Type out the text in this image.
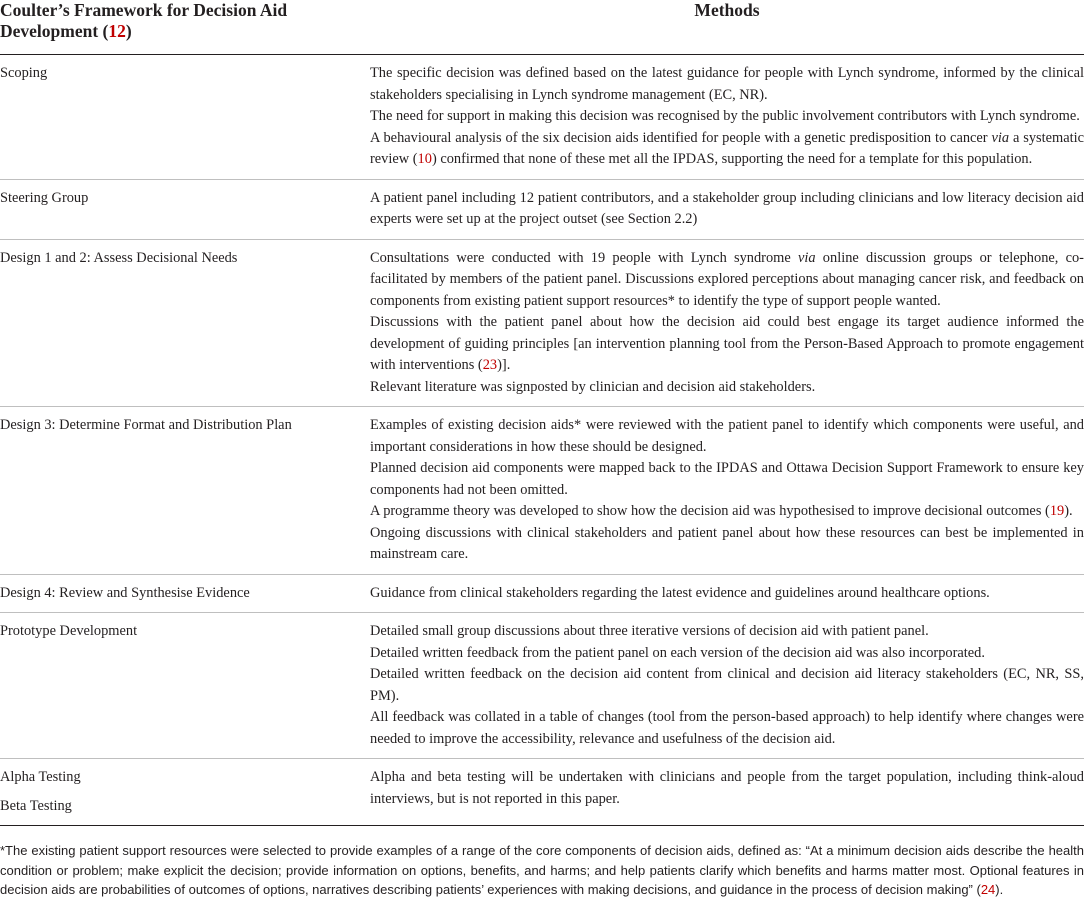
Coulter’s Framework for Decision Aid Development (12)	Methods

Scoping	The specific decision was defined based on the latest guidance for people with Lynch syndrome, informed by the clinical stakeholders specialising in Lynch syndrome management (EC, NR).
The need for support in making this decision was recognised by the public involvement contributors with Lynch syndrome.
A behavioural analysis of the six decision aids identified for people with a genetic predisposition to cancer via a systematic review (10) confirmed that none of these met all the IPDAS, supporting the need for a template for this population.

Steering Group	A patient panel including 12 patient contributors, and a stakeholder group including clinicians and low literacy decision aid experts were set up at the project outset (see Section 2.2)

Design 1 and 2: Assess Decisional Needs	Consultations were conducted with 19 people with Lynch syndrome via online discussion groups or telephone, co-facilitated by members of the patient panel. Discussions explored perceptions about managing cancer risk, and feedback on components from existing patient support resources* to identify the type of support people wanted.
Discussions with the patient panel about how the decision aid could best engage its target audience informed the development of guiding principles [an intervention planning tool from the Person-Based Approach to promote engagement with interventions (23)].
Relevant literature was signposted by clinician and decision aid stakeholders.

Design 3: Determine Format and Distribution Plan	Examples of existing decision aids* were reviewed with the patient panel to identify which components were useful, and important considerations in how these should be designed.
Planned decision aid components were mapped back to the IPDAS and Ottawa Decision Support Framework to ensure key components had not been omitted.
A programme theory was developed to show how the decision aid was hypothesised to improve decisional outcomes (19).
Ongoing discussions with clinical stakeholders and patient panel about how these resources can best be implemented in mainstream care.

Design 4: Review and Synthesise Evidence	Guidance from clinical stakeholders regarding the latest evidence and guidelines around healthcare options.

Prototype Development	Detailed small group discussions about three iterative versions of decision aid with patient panel.
Detailed written feedback from the patient panel on each version of the decision aid was also incorporated.
Detailed written feedback on the decision aid content from clinical and decision aid literacy stakeholders (EC, NR, SS, PM).
All feedback was collated in a table of changes (tool from the person-based approach) to help identify where changes were needed to improve the accessibility, relevance and usefulness of the decision aid.

Alpha Testing
Beta Testing	Alpha and beta testing will be undertaken with clinicians and people from the target population, including think-aloud interviews, but is not reported in this paper.
*The existing patient support resources were selected to provide examples of a range of the core components of decision aids, defined as: “At a minimum decision aids describe the health condition or problem; make explicit the decision; provide information on options, benefits, and harms; and help patients clarify which benefits and harms matter most. Optional features in decision aids are probabilities of outcomes of options, narratives describing patients’ experiences with making decisions, and guidance in the process of decision making” (24).
